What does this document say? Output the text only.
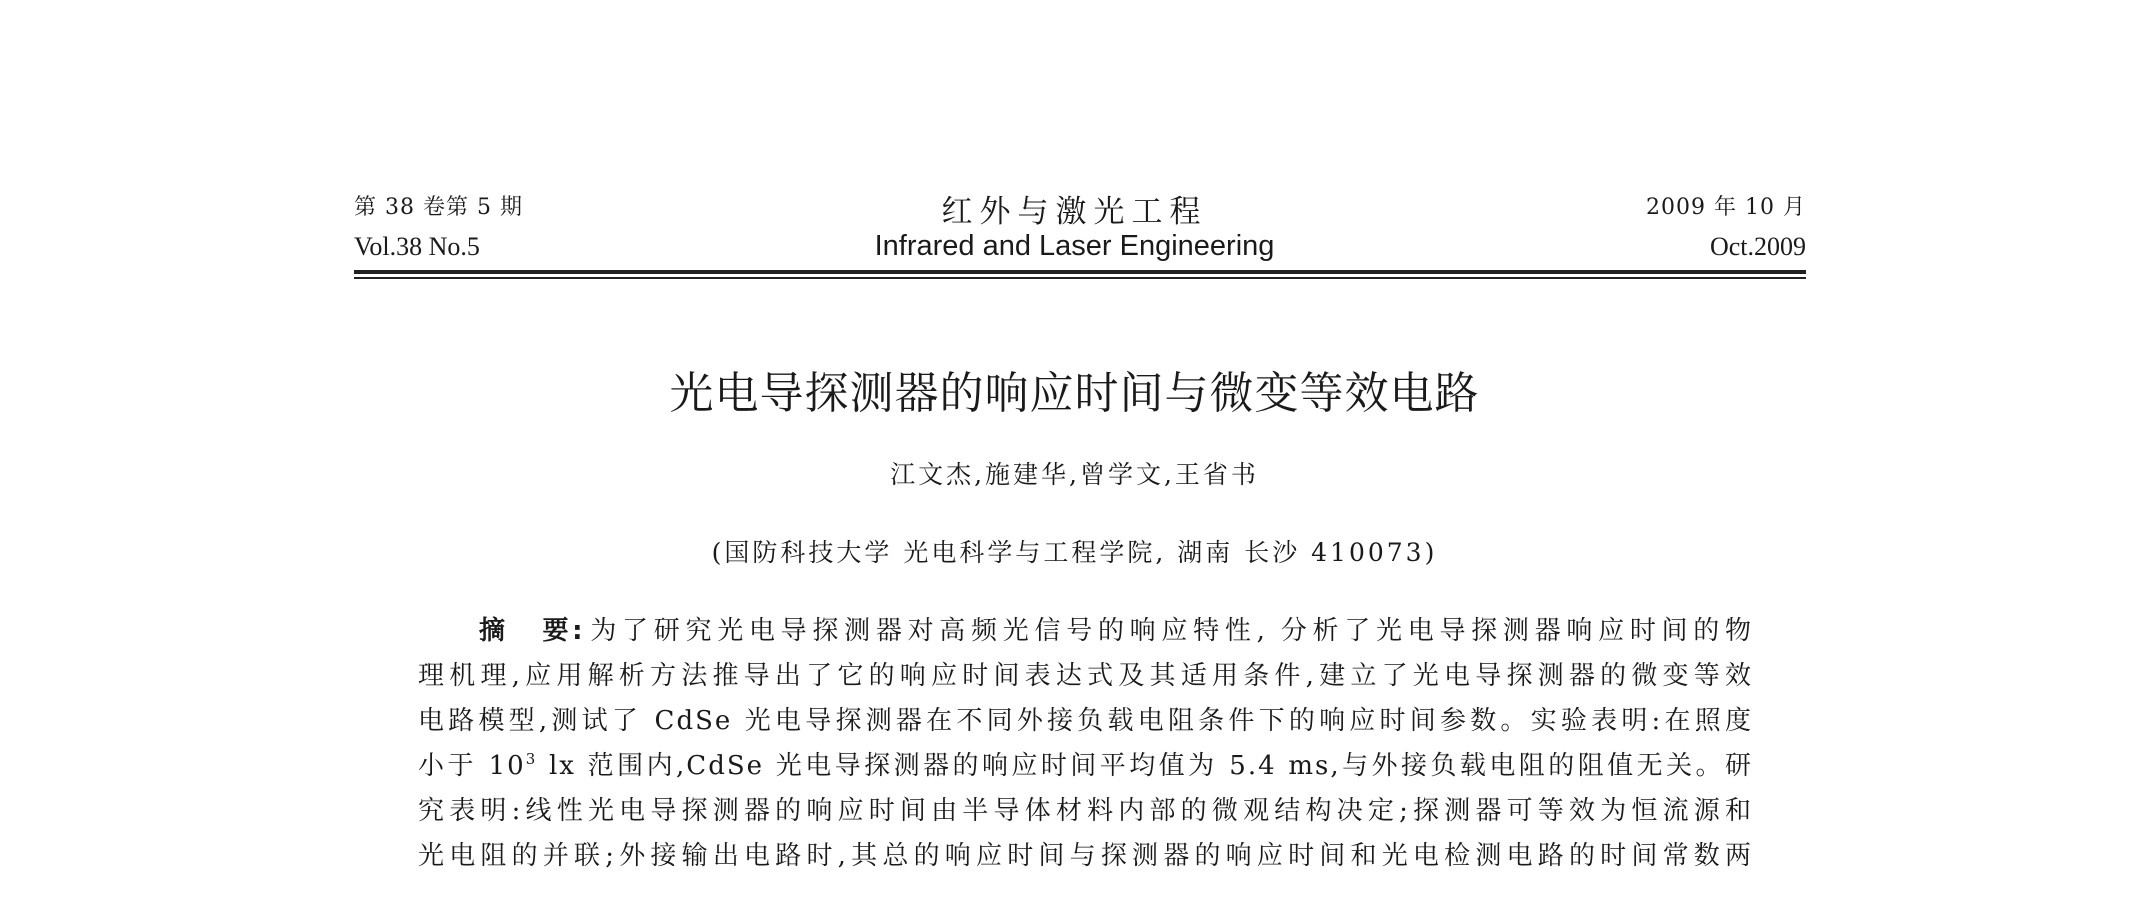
第 38 卷第 5 期
Vol.38 No.5
红外与激光工程
Infrared and Laser Engineering
2009 年 10 月
Oct.2009
光电导探测器的响应时间与微变等效电路
江文杰,施建华,曾学文,王省书
(国防科技大学 光电科学与工程学院, 湖南 长沙 410073)
摘 要: 为了研究光电导探测器对高频光信号的响应特性, 分析了光电导探测器响应时间的物
理机理,应用解析方法推导出了它的响应时间表达式及其适用条件,建立了光电导探测器的微变等效
电路模型,测试了 CdSe 光电导探测器在不同外接负载电阻条件下的响应时间参数。实验表明:在照度
小于 $10^3$ lx 范围内,CdSe 光电导探测器的响应时间平均值为 5.4 ms,与外接负载电阻的阻值无关。研
究表明:线性光电导探测器的响应时间由半导体材料内部的微观结构决定;探测器可等效为恒流源和
光电阻的并联;外接输出电路时,其总的响应时间与探测器的响应时间和光电检测电路的时间常数两
